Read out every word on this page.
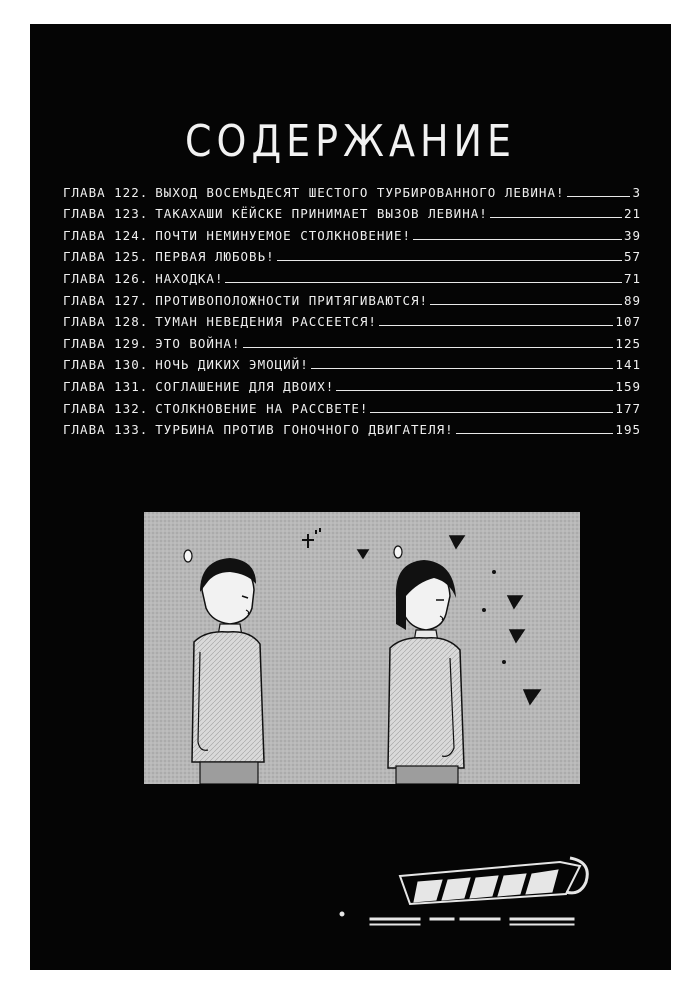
СОДЕРЖАНИЕ
ГЛАВА 122. ВЫХОД ВОСЕМЬДЕСЯТ ШЕСТОГО ТУРБИРОВАННОГО ЛЕВИНА!	3
ГЛАВА 123. ТАКАХАШИ КЁЙСКЕ ПРИНИМАЕТ ВЫЗОВ ЛЕВИНА!	21
ГЛАВА 124. ПОЧТИ НЕМИНУЕМОЕ СТОЛКНОВЕНИЕ!	39
ГЛАВА 125. ПЕРВАЯ ЛЮБОВЬ!	57
ГЛАВА 126. НАХОДКА!	71
ГЛАВА 127. ПРОТИВОПОЛОЖНОСТИ ПРИТЯГИВАЮТСЯ!	89
ГЛАВА 128. ТУМАН НЕВЕДЕНИЯ РАССЕЕТСЯ!	107
ГЛАВА 129. ЭТО ВОЙНА!	125
ГЛАВА 130. НОЧЬ ДИКИХ ЭМОЦИЙ!	141
ГЛАВА 131. СОГЛАШЕНИЕ ДЛЯ ДВОИХ!	159
ГЛАВА 132. СТОЛКНОВЕНИЕ НА РАССВЕТЕ!	177
ГЛАВА 133. ТУРБИНА ПРОТИВ ГОНОЧНОГО ДВИГАТЕЛЯ!	195
